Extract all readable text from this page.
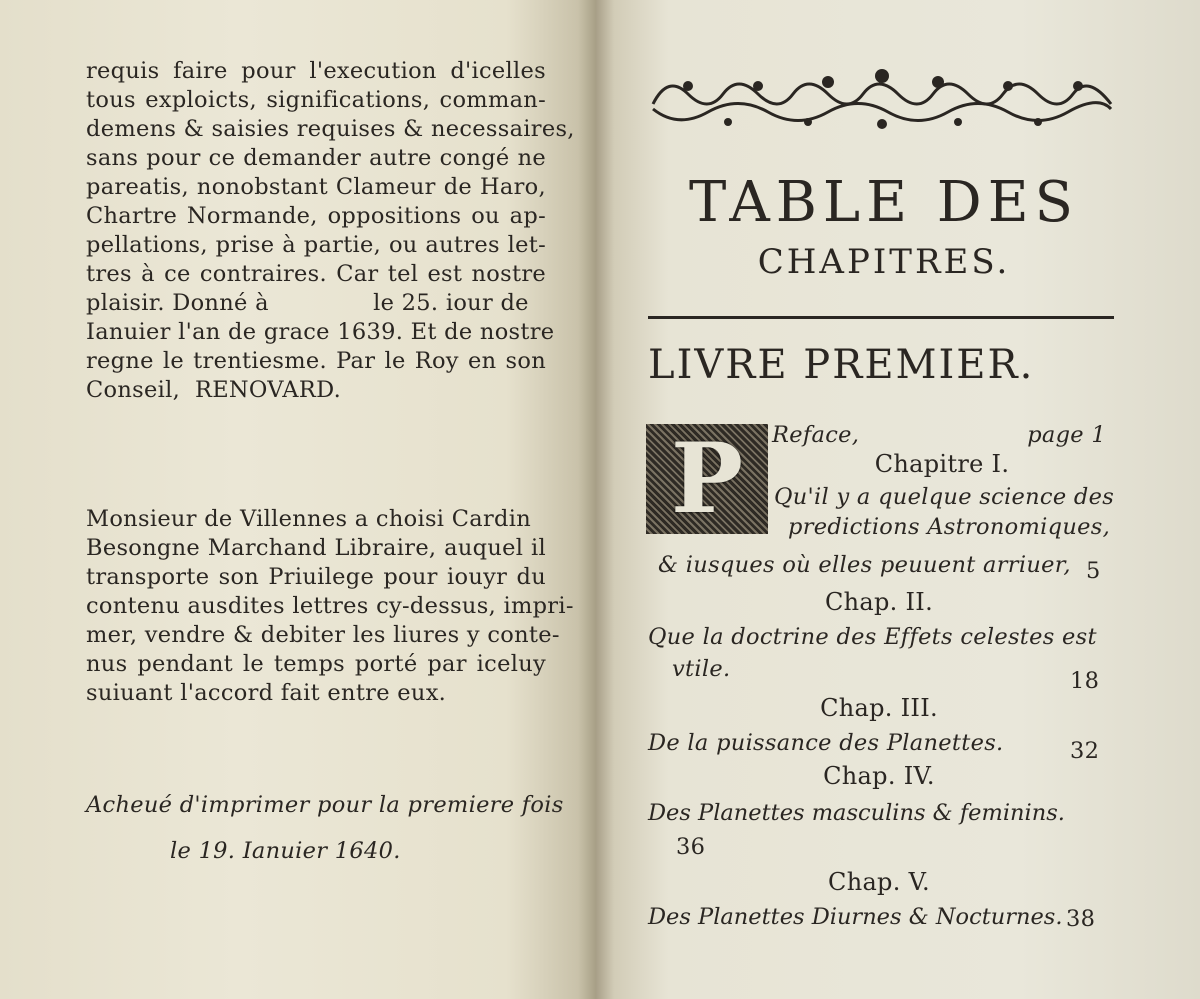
requis faire pour l'execution d'icelles
tous exploicts, significations, comman-
demens & saisies requises & necessaires,
sans pour ce demander autre congé ne
pareatis, nonobstant Clameur de Haro,
Chartre Normande, oppositions ou ap-
pellations, prise à partie, ou autres let-
tres à ce contraires. Car tel est nostre
plaisir. Donné à              le 25. iour de
Ianuier l'an de grace 1639. Et de nostre
regne le trentiesme. Par le Roy en son
Conseil,  RENOVARD.
Monsieur de Villennes a choisi Cardin
Besongne Marchand Libraire, auquel il
transporte son Priuilege pour iouyr du
contenu ausdites lettres cy-dessus, impri-
mer, vendre & debiter les liures y conte-
nus pendant le temps porté par iceluy
suiuant l'accord fait entre eux.
Acheué d'imprimer pour la premiere fois
le 19. Ianuier 1640.
TABLE DES
CHAPITRES.
LIVRE PREMIER.
P Reface,	page 1
Chapitre I.
Qu'il y a quelque science des
predictions Astronomiques,
& iusques où elles peuuent arriuer, 5
Chap. II.
Que la doctrine des Effets celestes est
vtile.	18
Chap. III.
De la puissance des Planettes.	32
Chap. IV.
Des Planettes masculins & feminins.
36
Chap. V.
Des Planettes Diurnes & Nocturnes. 38
